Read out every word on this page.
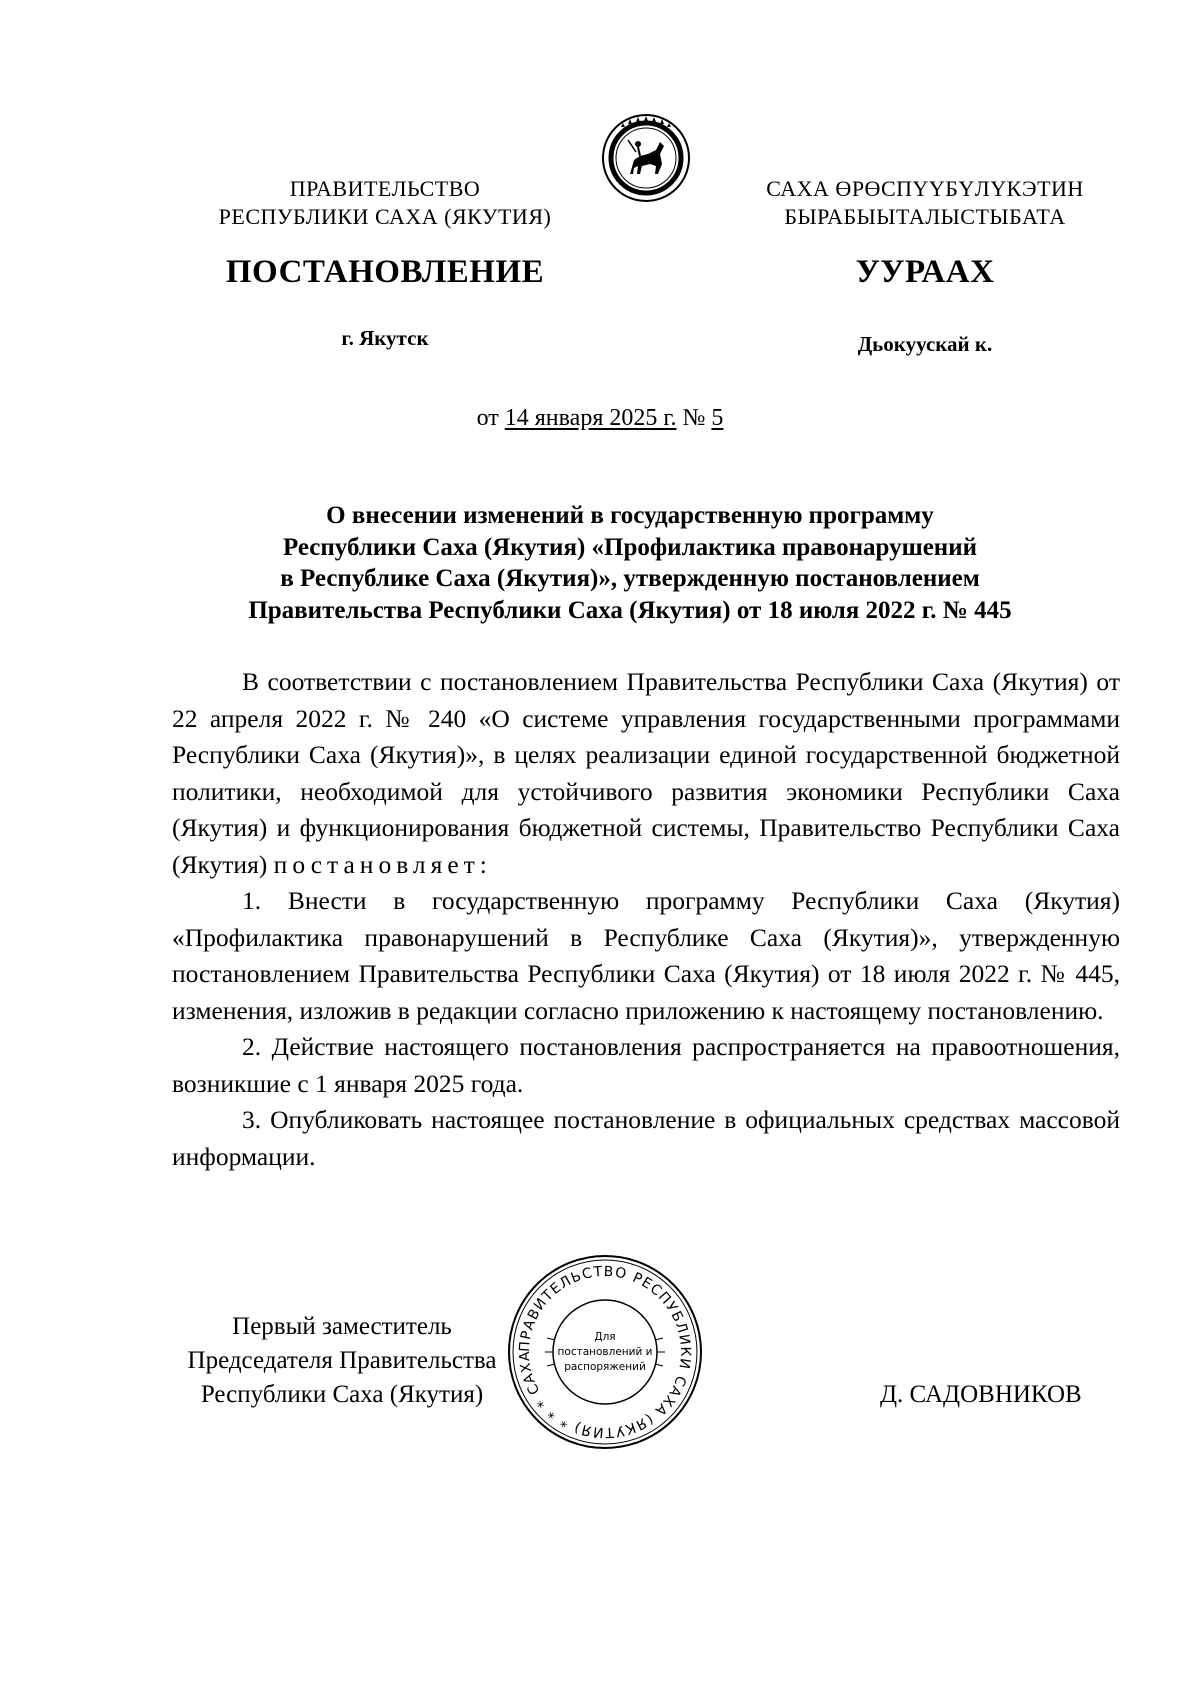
ПРАВИТЕЛЬСТВО
РЕСПУБЛИКИ САХА (ЯКУТИЯ)
САХА ӨРӨСПYYБYЛYКЭТИН
БЫРАБЫЫТАЛЫСТЫБАТА
ПОСТАНОВЛЕНИЕ	УУРААХ
г. Якутск	Дьокуускай к.
от 14 января 2025 г. № 5
О внесении изменений в государственную программу
Республики Саха (Якутия) «Профилактика правонарушений
в Республике Саха (Якутия)», утвержденную постановлением
Правительства Республики Саха (Якутия) от 18 июля 2022 г. № 445

В соответствии с постановлением Правительства Республики Саха (Якутия) от 22 апреля 2022 г. № 240 «О системе управления государственными программами Республики Саха (Якутия)», в целях реализации единой государственной бюджетной политики, необходимой для устойчивого развития экономики Республики Саха (Якутия) и функционирования бюджетной системы, Правительство Республики Саха (Якутия) постановляет:

1. Внести в государственную программу Республики Саха (Якутия) «Профилактика правонарушений в Республике Саха (Якутия)», утвержденную постановлением Правительства Республики Саха (Якутия) от 18 июля 2022 г. № 445, изменения, изложив в редакции согласно приложению к настоящему постановлению.

2. Действие настоящего постановления распространяется на правоотношения, возникшие с 1 января 2025 года.

3. Опубликовать настоящее постановление в официальных средствах массовой информации.

Первый заместитель
Председателя Правительства
Республики Саха (Якутия)	Д. САДОВНИКОВ
ПРАВИТЕЛЬСТВО РЕСПУБЛИКИ САХА (ЯКУТИЯ) * * * САХА
Для
постановлений и
распоряжений
